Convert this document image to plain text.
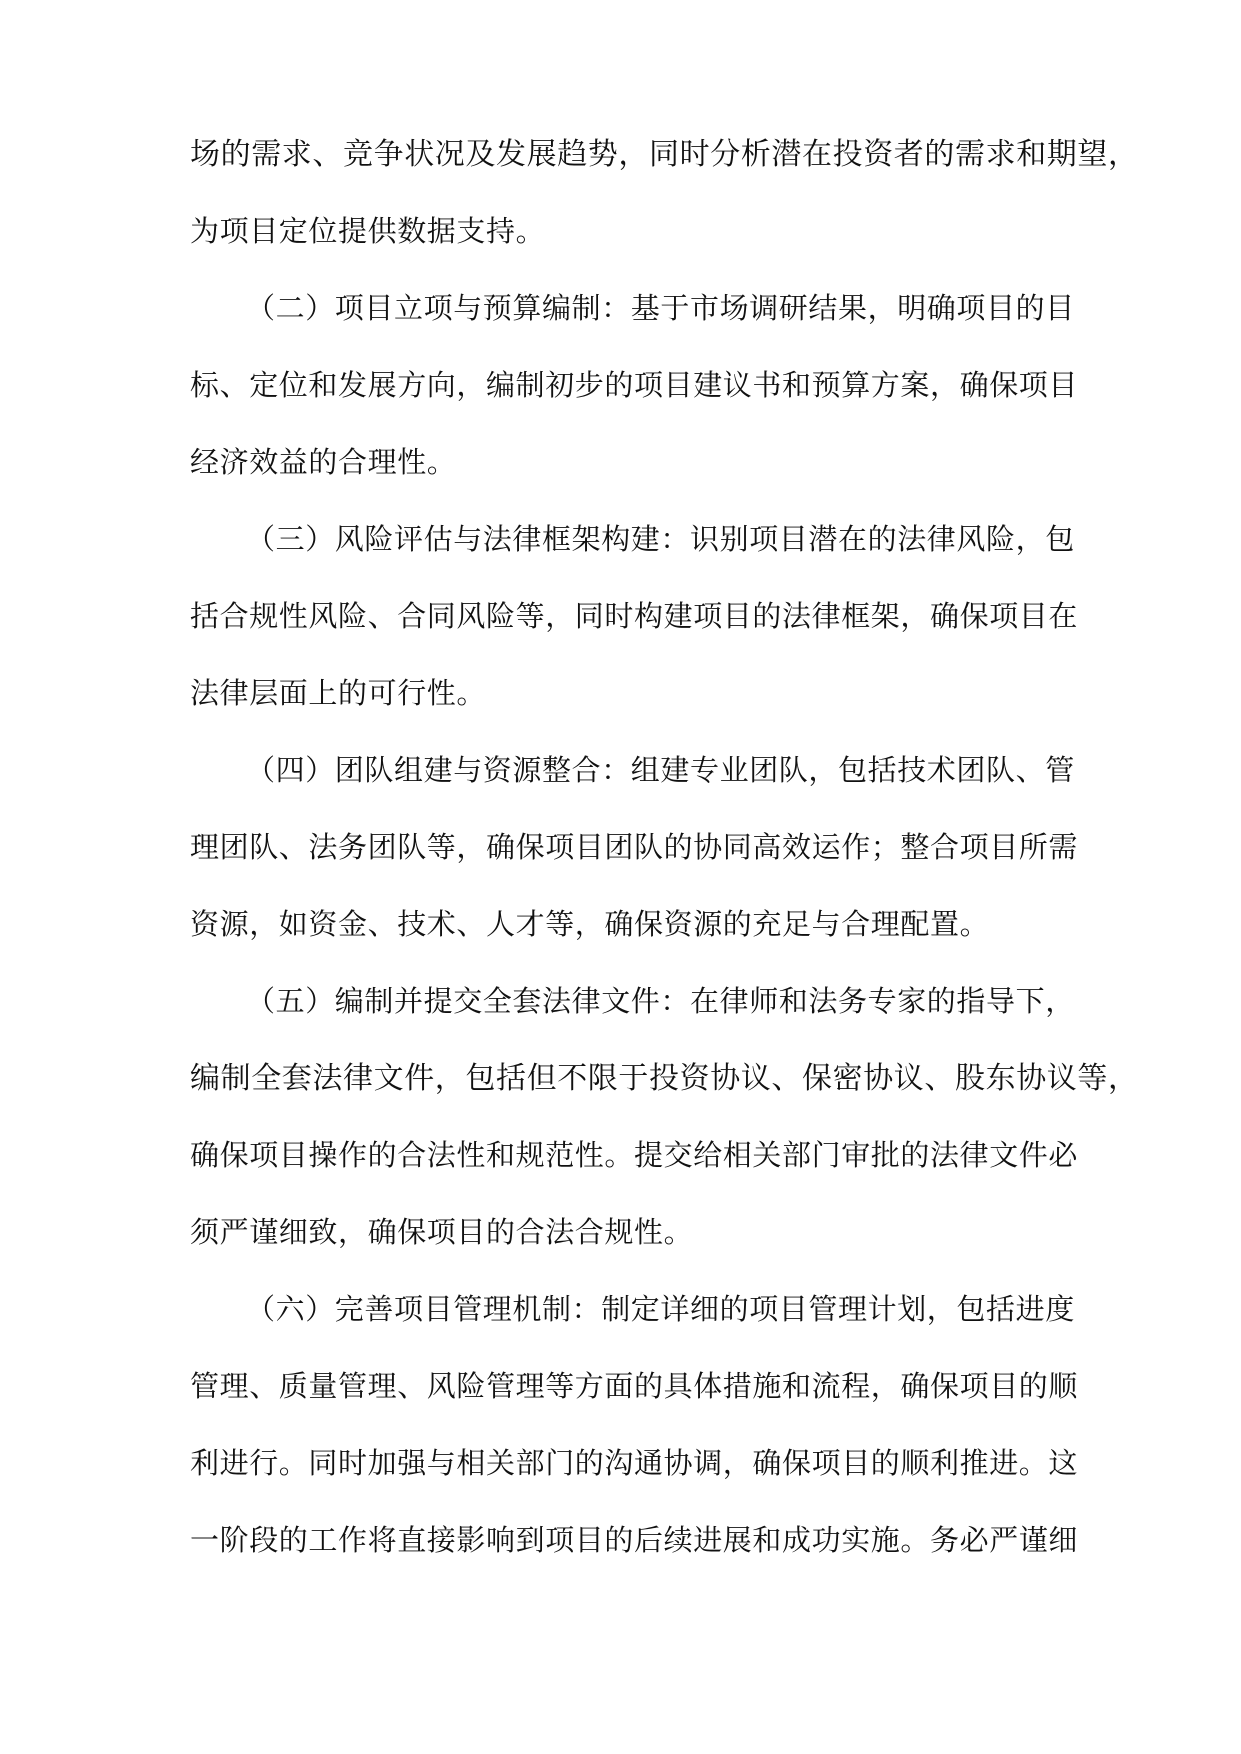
场的需求、竞争状况及发展趋势，同时分析潜在投资者的需求和期望，

为项目定位提供数据支持。

（二）项目立项与预算编制：基于市场调研结果，明确项目的目

标、定位和发展方向，编制初步的项目建议书和预算方案，确保项目

经济效益的合理性。

（三）风险评估与法律框架构建：识别项目潜在的法律风险，包

括合规性风险、合同风险等，同时构建项目的法律框架，确保项目在

法律层面上的可行性。

（四）团队组建与资源整合：组建专业团队，包括技术团队、管

理团队、法务团队等，确保项目团队的协同高效运作；整合项目所需

资源，如资金、技术、人才等，确保资源的充足与合理配置。

（五）编制并提交全套法律文件：在律师和法务专家的指导下，

编制全套法律文件，包括但不限于投资协议、保密协议、股东协议等，

确保项目操作的合法性和规范性。提交给相关部门审批的法律文件必

须严谨细致，确保项目的合法合规性。

（六）完善项目管理机制：制定详细的项目管理计划，包括进度

管理、质量管理、风险管理等方面的具体措施和流程，确保项目的顺

利进行。同时加强与相关部门的沟通协调，确保项目的顺利推进。这

一阶段的工作将直接影响到项目的后续进展和成功实施。务必严谨细
